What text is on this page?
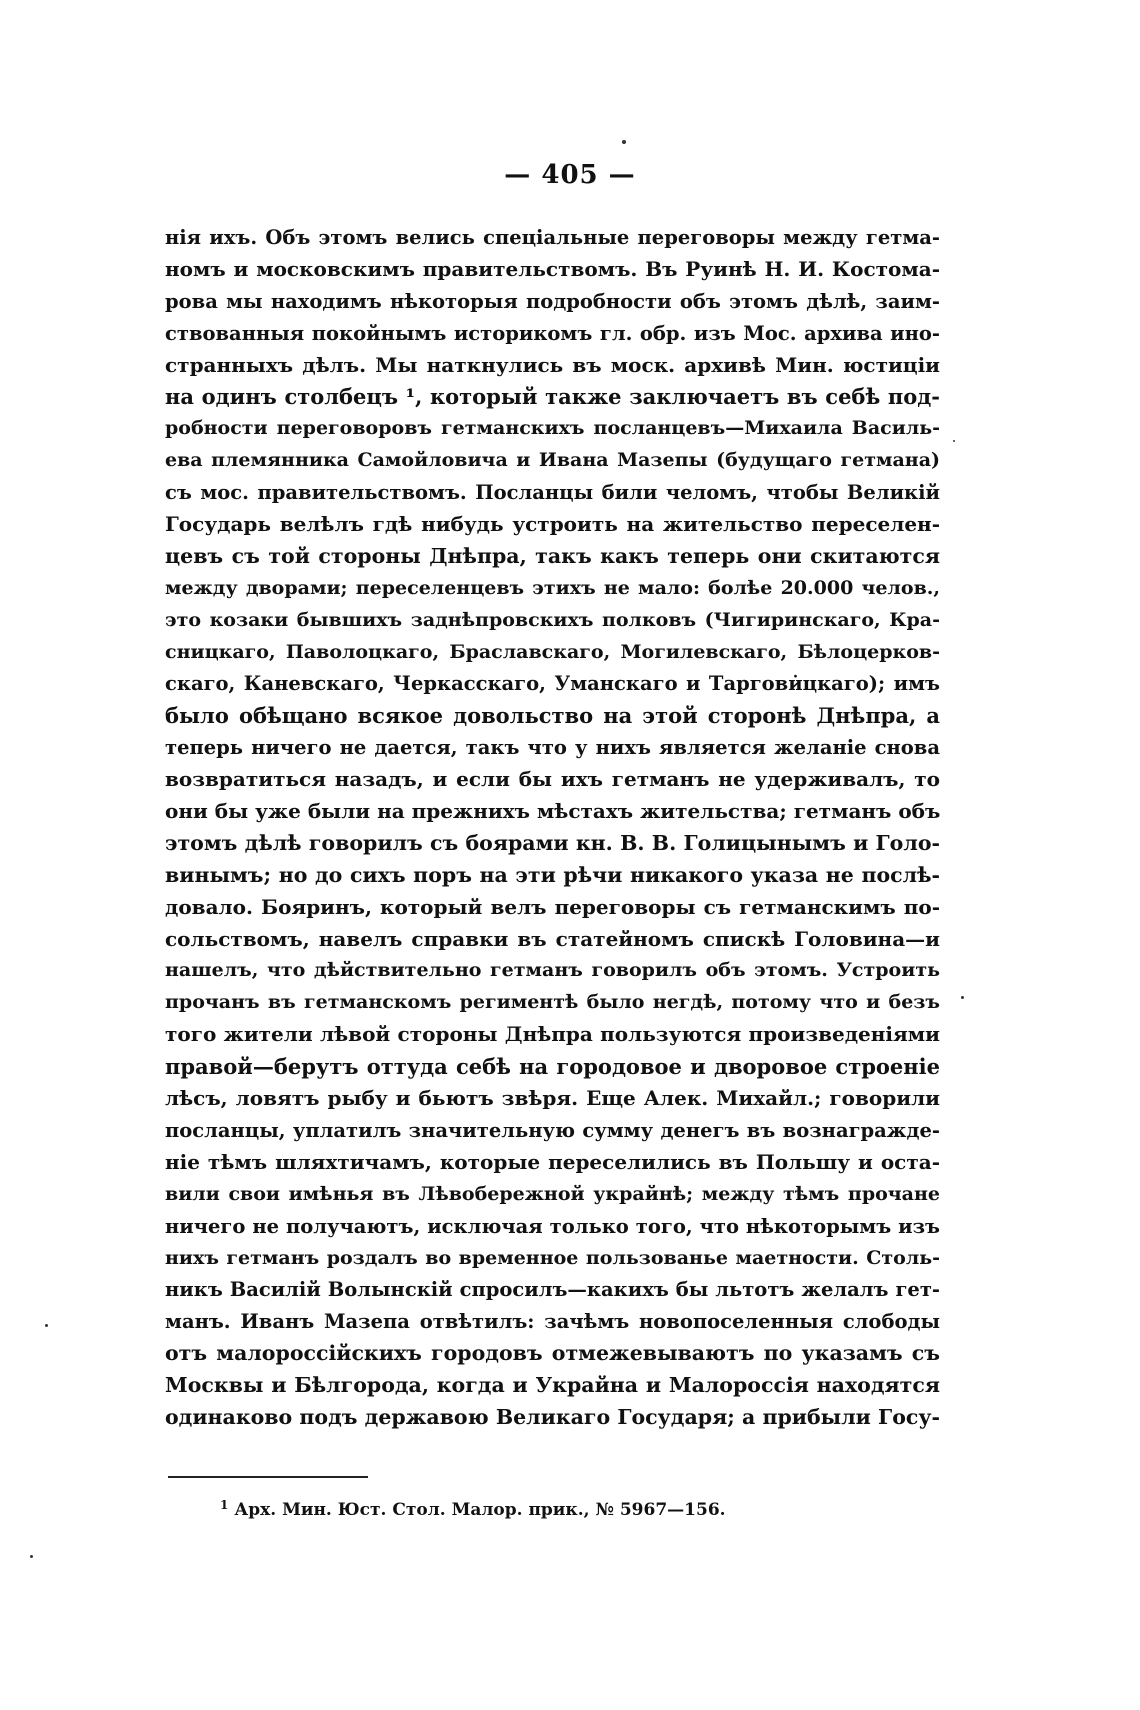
— 405 —
нія ихъ. Объ этомъ велись спеціальные переговоры между гетма-
номъ и московскимъ правительствомъ. Въ Руинѣ Н. И. Костома-
рова мы находимъ нѣкоторыя подробности объ этомъ дѣлѣ, заим-
ствованныя покойнымъ историкомъ гл. обр. изъ Мос. архива ино-
странныхъ дѣлъ. Мы наткнулись въ моск. архивѣ Мин. юстиціи
на одинъ столбецъ ¹, который также заключаетъ въ себѣ под-
робности переговоровъ гетманскихъ посланцевъ—Михаила Василь-
ева племянника Самойловича и Ивана Мазепы (будущаго гетмана)
съ мос. правительствомъ. Посланцы били челомъ, чтобы Великій
Государь велѣлъ гдѣ нибудь устроить на жительство переселен-
цевъ съ той стороны Днѣпра, такъ какъ теперь они скитаются
между дворами; переселенцевъ этихъ не мало: болѣе 20.000 челов.,
это козаки бывшихъ заднѣпровскихъ полковъ (Чигиринскаго, Кра-
сницкаго, Паволоцкаго, Браславскаго, Могилевскаго, Бѣлоцерков-
скаго, Каневскаго, Черкасскаго, Уманскаго и Таргови̇цкаго); имъ
было обѣщано всякое довольство на этой сторонѣ Днѣпра, а
теперь ничего не дается, такъ что у нихъ является желаніе снова
возвратиться назадъ, и если бы ихъ гетманъ не удерживалъ, то
они бы уже были на прежнихъ мѣстахъ жительства; гетманъ объ
этомъ дѣлѣ говорилъ съ боярами кн. В. В. Голицынымъ и Голо-
винымъ; но до сихъ поръ на эти рѣчи никакого указа не послѣ-
довало. Бояринъ, который велъ переговоры съ гетманскимъ по-
сольствомъ, навелъ справки въ статейномъ спискѣ Головина—и
нашелъ, что дѣйствительно гетманъ говорилъ объ этомъ. Устроить
прочанъ въ гетманскомъ региментѣ было негдѣ, потому что и безъ
того жители лѣвой стороны Днѣпра пользуются произведеніями
правой—берутъ оттуда себѣ на городовое и дворовое строеніе
лѣсъ, ловятъ рыбу и бьютъ звѣря. Еще Алек. Михайл.; говорили
посланцы, уплатилъ значительную сумму денегъ въ вознагражде-
ніе тѣмъ шляхтичамъ, которые переселились въ Польшу и оста-
вили свои имѣнья въ Лѣвобережной украйнѣ; между тѣмъ прочане
ничего не получаютъ, исключая только того, что нѣкоторымъ изъ
нихъ гетманъ роздалъ во временное пользованье маетности. Столь-
никъ Василій Волынскій спросилъ—какихъ бы льтотъ желалъ гет-
манъ. Иванъ Мазепа отвѣтилъ: зачѣмъ новопоселенныя слободы
отъ малороссійскихъ городовъ отмежевываютъ по указамъ съ
Москвы и Бѣлгорода, когда и Украйна и Малороссія находятся
одинаково подъ державою Великаго Государя; а прибыли Госу-
$^1$ Арх. Мин. Юст. Стол. Малор. прик., № 5967—156.
